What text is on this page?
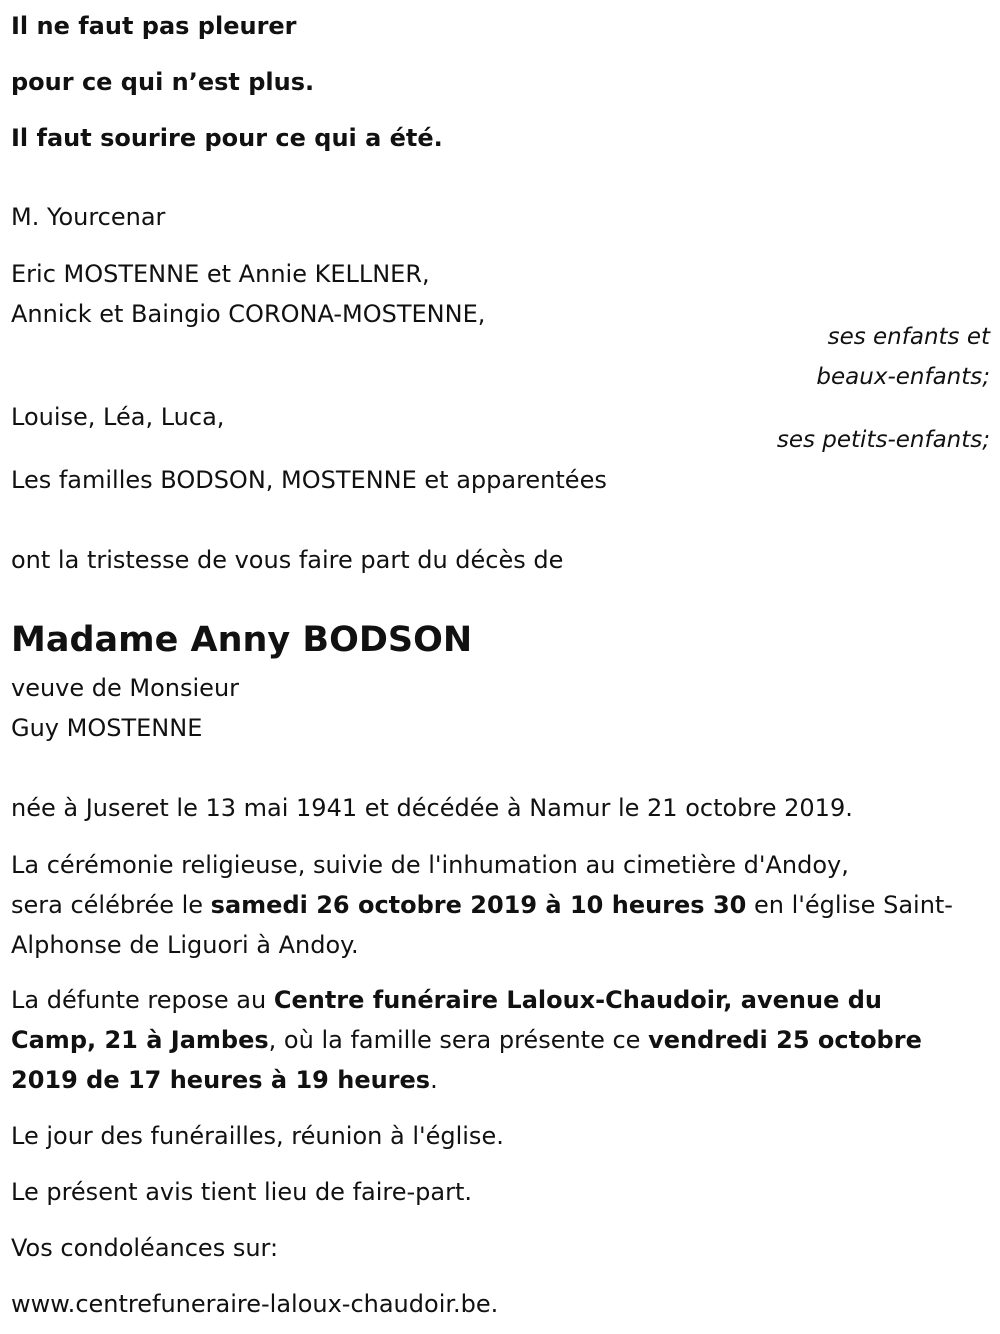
Il ne faut pas pleurer

pour ce qui n’est plus.

Il faut sourire pour ce qui a été.

M. Yourcenar

Eric MOSTENNE et Annie KELLNER,

Annick et Baingio CORONA-MOSTENNE,

ses enfants et

beaux-enfants;

Louise, Léa, Luca,

ses petits-enfants;

Les familles BODSON, MOSTENNE et apparentées

ont la tristesse de vous faire part du décès de

Madame Anny BODSON

veuve de Monsieur

Guy MOSTENNE

née à Juseret le 13 mai 1941 et décédée à Namur le 21 octobre 2019.

La cérémonie religieuse, suivie de l'inhumation au cimetière d'Andoy,

sera célébrée le samedi 26 octobre 2019 à 10 heures 30 en l'église Saint-

Alphonse de Liguori à Andoy.

La défunte repose au Centre funéraire Laloux-Chaudoir, avenue du

Camp, 21 à Jambes, où la famille sera présente ce vendredi 25 octobre

2019 de 17 heures à 19 heures.

Le jour des funérailles, réunion à l'église.

Le présent avis tient lieu de faire-part.

Vos condoléances sur:

www.centrefuneraire-laloux-chaudoir.be.
